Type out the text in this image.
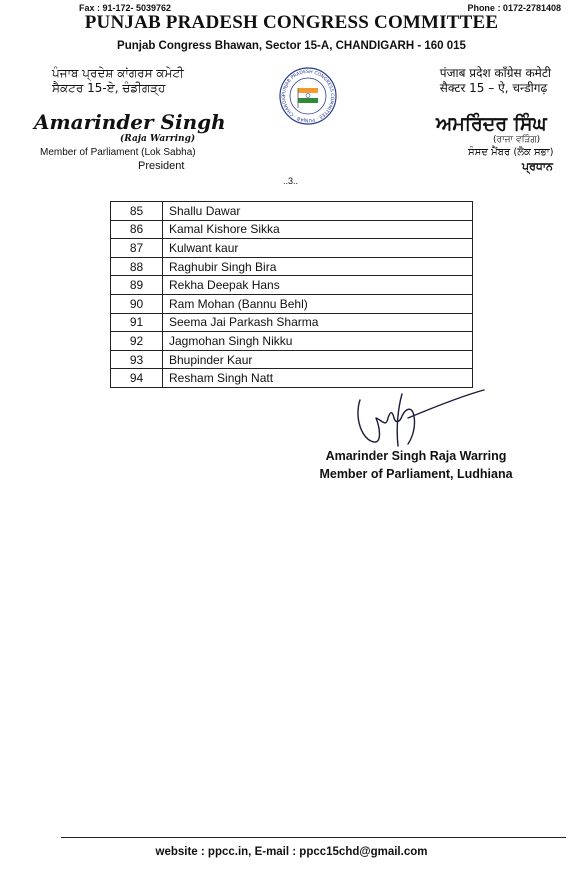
Fax : 91-172- 5039762	Phone : 0172-2781408
PUNJAB PRADESH CONGRESS COMMITTEE
Punjab Congress Bhawan, Sector 15-A, CHANDIGARH - 160 015
ਪੰਜਾਬ ਪ੍ਰਦੇਸ਼ ਕਾਂਗਰਸ ਕਮੇਟੀ
ਸੈਕਟਰ 15-ਏ, ਚੰਡੀਗੜ੍ਹ
पंजाब प्रदेश काँग्रेस कमेटी
सैक्टर 15 – ऐ, चन्डीगढ़
PUNJAB PRADESH CONGRESS COMMITTEE · PUNJAB · CHANDIG
Amarinder Singh
(Raja Warring)
Member of Parliament (Lok Sabha)
President
ਅਮਰਿੰਦਰ ਸਿੰਘ
(ਰਾਜਾ ਵੜਿੰਗ)
ਸੰਸਦ ਮੈਂਬਰ (ਲੋਕ ਸਭਾ)
ਪ੍ਰਧਾਨ
..3..
85	Shallu Dawar
86	Kamal Kishore Sikka
87	Kulwant kaur
88	Raghubir Singh Bira
89	Rekha Deepak Hans
90	Ram Mohan (Bannu Behl)
91	Seema Jai Parkash Sharma
92	Jagmohan Singh Nikku
93	Bhupinder Kaur
94	Resham Singh Natt
Amarinder Singh Raja Warring
Member of Parliament, Ludhiana
website : ppcc.in, E-mail : ppcc15chd@gmail.com
